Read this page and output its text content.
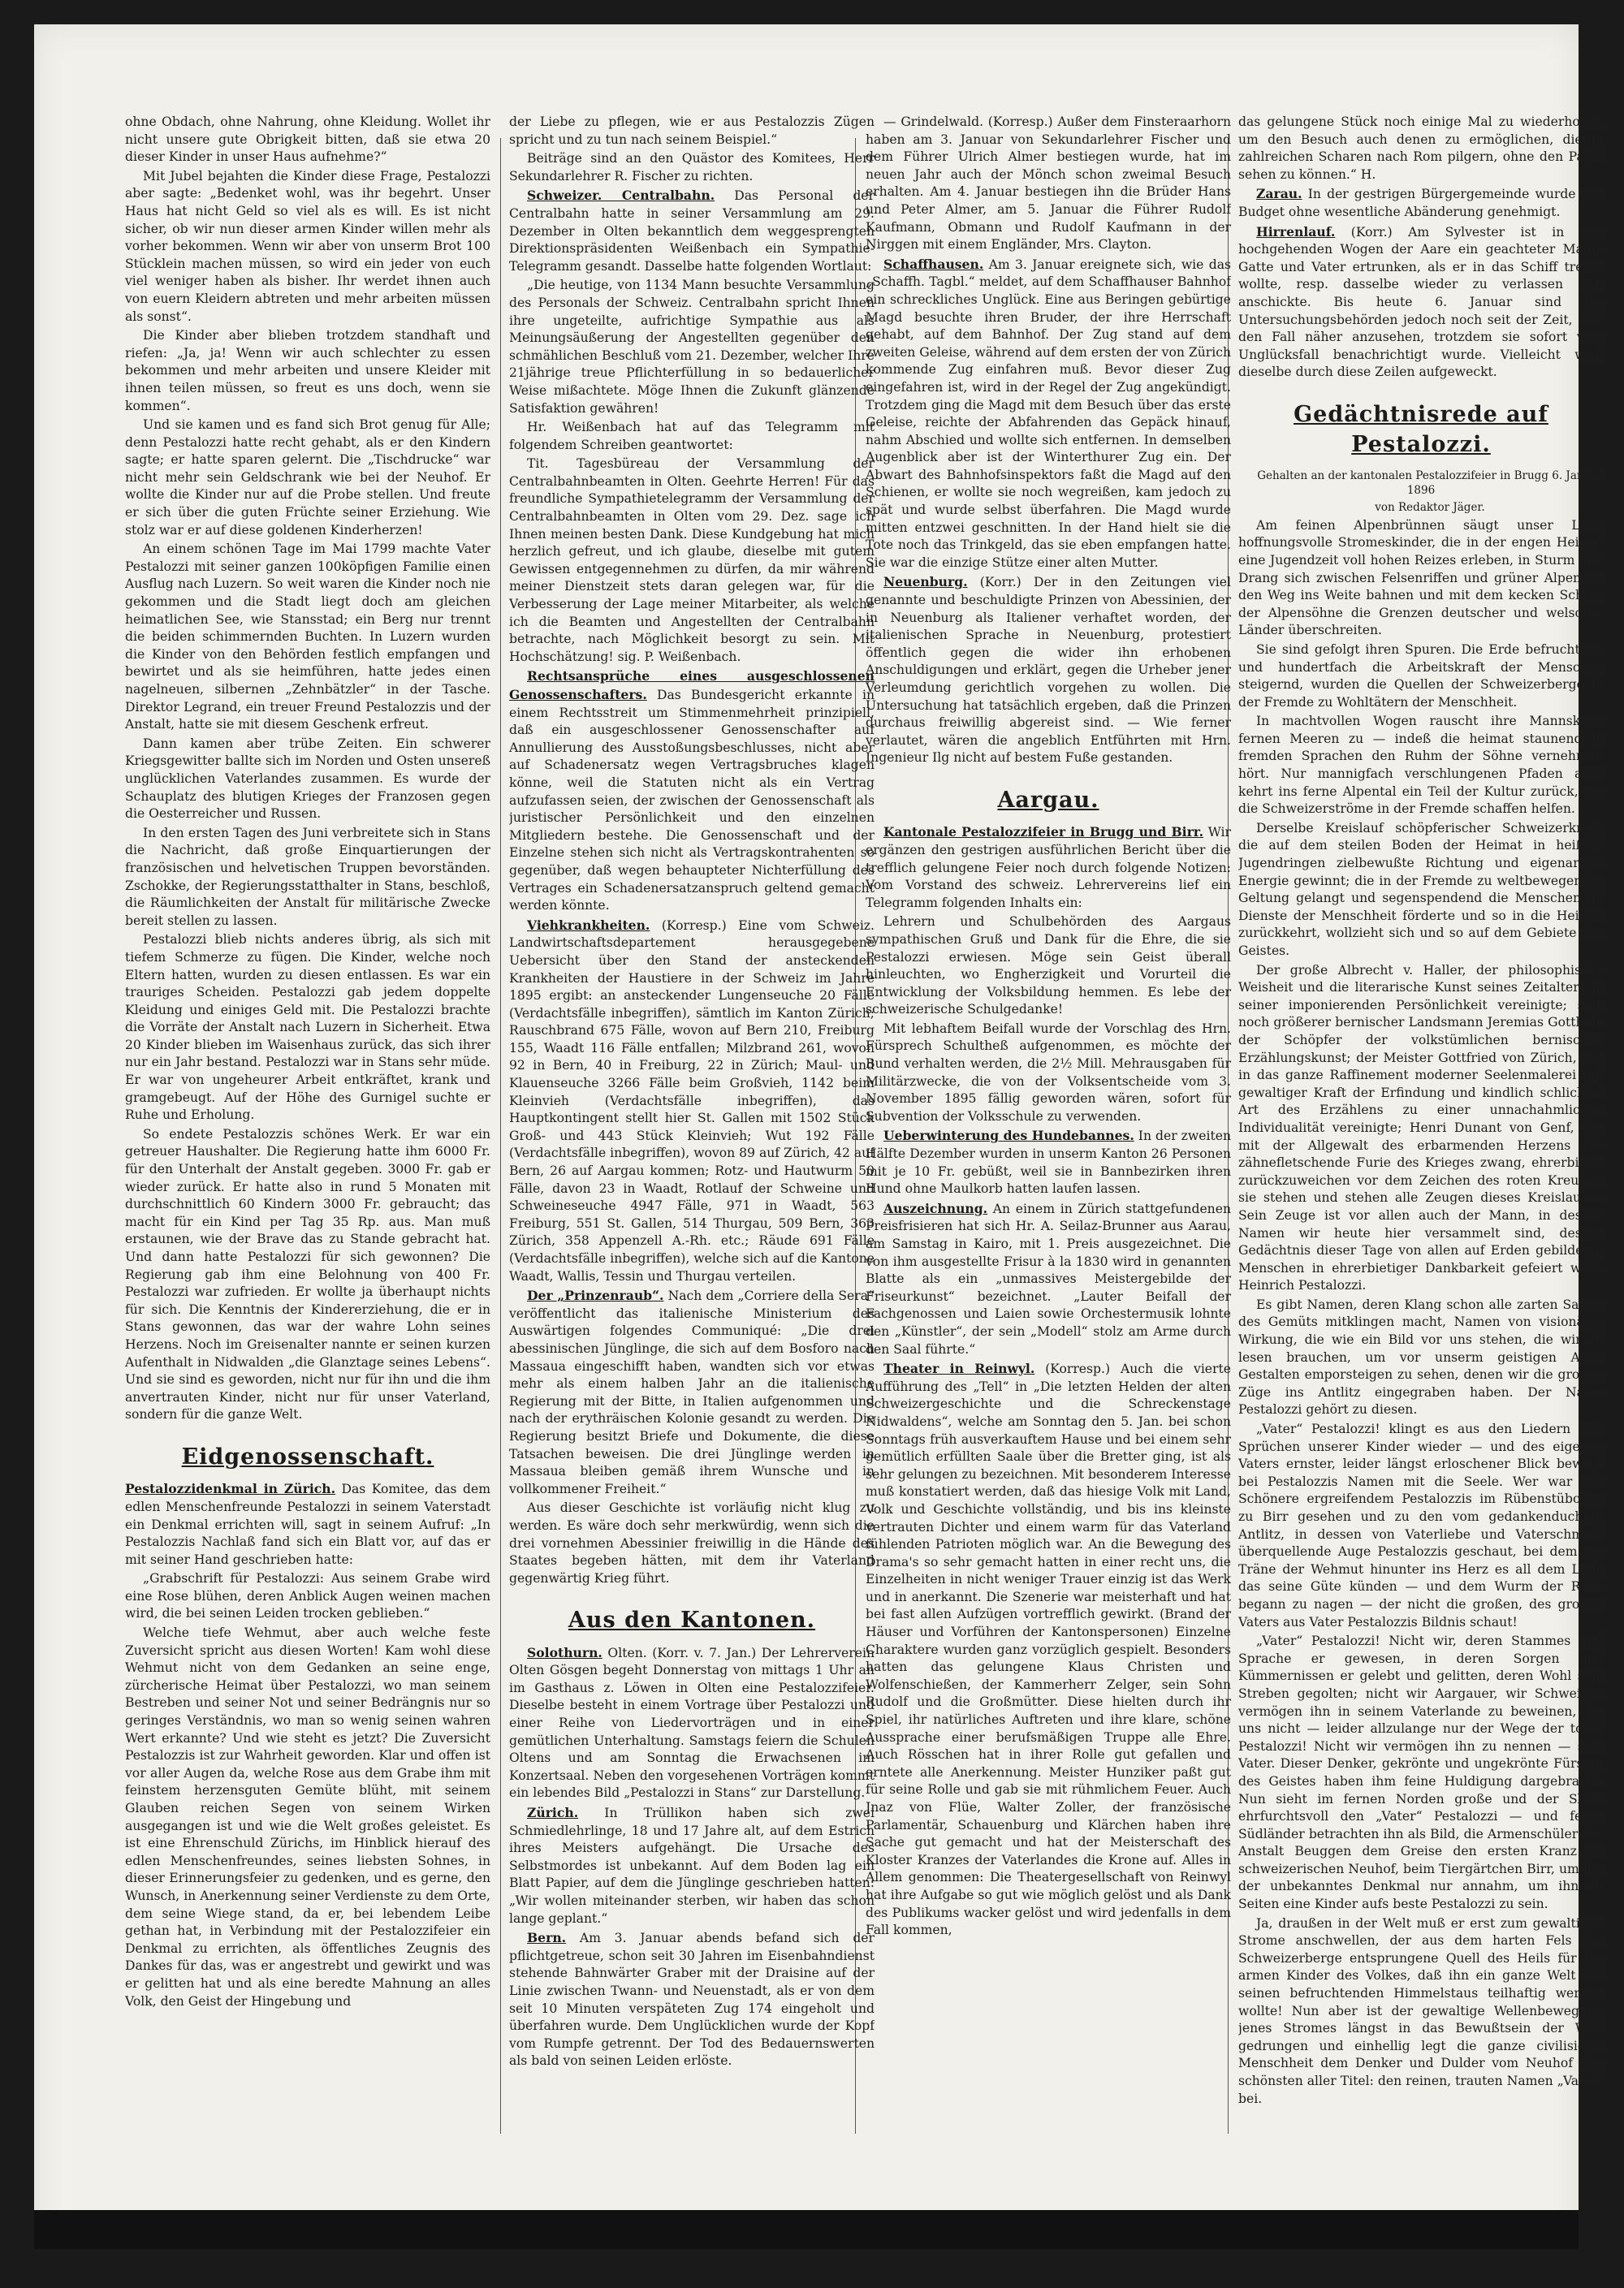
ohne Obdach, ohne Nahrung, ohne Kleidung. Wollet ihr nicht unsere gute Obrigkeit bitten, daß sie etwa 20 dieser Kinder in unser Haus aufnehme?“

Mit Jubel bejahten die Kinder diese Frage, Pestalozzi aber sagte: „Bedenket wohl, was ihr begehrt. Unser Haus hat nicht Geld so viel als es will. Es ist nicht sicher, ob wir nun dieser armen Kinder willen mehr als vorher bekommen. Wenn wir aber von unserm Brot 100 Stücklein machen müssen, so wird ein jeder von euch viel weniger haben als bisher. Ihr werdet ihnen auch von euern Kleidern abtreten und mehr arbeiten müssen als sonst“.

Die Kinder aber blieben trotzdem standhaft und riefen: „Ja, ja! Wenn wir auch schlechter zu essen bekommen und mehr arbeiten und unsere Kleider mit ihnen teilen müssen, so freut es uns doch, wenn sie kommen“.

Und sie kamen und es fand sich Brot genug für Alle; denn Pestalozzi hatte recht gehabt, als er den Kindern sagte; er hatte sparen gelernt. Die „Tischdrucke“ war nicht mehr sein Geldschrank wie bei der Neuhof. Er wollte die Kinder nur auf die Probe stellen. Und freute er sich über die guten Früchte seiner Erziehung. Wie stolz war er auf diese goldenen Kinderherzen!

An einem schönen Tage im Mai 1799 machte Vater Pestalozzi mit seiner ganzen 100köpfigen Familie einen Ausflug nach Luzern. So weit waren die Kinder noch nie gekommen und die Stadt liegt doch am gleichen heimatlichen See, wie Stansstad; ein Berg nur trennt die beiden schimmernden Buchten. In Luzern wurden die Kinder von den Behörden festlich empfangen und bewirtet und als sie heimführen, hatte jedes einen nagelneuen, silbernen „Zehnbätzler“ in der Tasche. Direktor Legrand, ein treuer Freund Pestalozzis und der Anstalt, hatte sie mit diesem Geschenk erfreut.

Dann kamen aber trübe Zeiten. Ein schwerer Kriegsgewitter ballte sich im Norden und Osten unsereß unglücklichen Vaterlandes zusammen. Es wurde der Schauplatz des blutigen Krieges der Franzosen gegen die Oesterreicher und Russen.

In den ersten Tagen des Juni verbreitete sich in Stans die Nachricht, daß große Einquartierungen der französischen und helvetischen Truppen bevorständen. Zschokke, der Regierungsstatthalter in Stans, beschloß, die Räumlichkeiten der Anstalt für militärische Zwecke bereit stellen zu lassen.

Pestalozzi blieb nichts anderes übrig, als sich mit tiefem Schmerze zu fügen. Die Kinder, welche noch Eltern hatten, wurden zu diesen entlassen. Es war ein trauriges Scheiden. Pestalozzi gab jedem doppelte Kleidung und einiges Geld mit. Die Pestalozzi brachte die Vorräte der Anstalt nach Luzern in Sicherheit. Etwa 20 Kinder blieben im Waisenhaus zurück, das sich ihrer nur ein Jahr bestand. Pestalozzi war in Stans sehr müde. Er war von ungeheurer Arbeit entkräftet, krank und gramgebeugt. Auf der Höhe des Gurnigel suchte er Ruhe und Erholung.

So endete Pestalozzis schönes Werk. Er war ein getreuer Haushalter. Die Regierung hatte ihm 6000 Fr. für den Unterhalt der Anstalt gegeben. 3000 Fr. gab er wieder zurück. Er hatte also in rund 5 Monaten mit durchschnittlich 60 Kindern 3000 Fr. gebraucht; das macht für ein Kind per Tag 35 Rp. aus. Man muß erstaunen, wie der Brave das zu Stande gebracht hat. Und dann hatte Pestalozzi für sich gewonnen? Die Regierung gab ihm eine Belohnung von 400 Fr. Pestalozzi war zufrieden. Er wollte ja überhaupt nichts für sich. Die Kenntnis der Kindererziehung, die er in Stans gewonnen, das war der wahre Lohn seines Herzens. Noch im Greisenalter nannte er seinen kurzen Aufenthalt in Nidwalden „die Glanztage seines Lebens“. Und sie sind es geworden, nicht nur für ihn und die ihm anvertrauten Kinder, nicht nur für unser Vaterland, sondern für die ganze Welt.

Eidgenossenschaft.

Pestalozzidenkmal in Zürich. Das Komitee, das dem edlen Menschenfreunde Pestalozzi in seinem Vaterstadt ein Denkmal errichten will, sagt in seinem Aufruf: „In Pestalozzis Nachlaß fand sich ein Blatt vor, auf das er mit seiner Hand geschrieben hatte:

„Grabschrift für Pestalozzi: Aus seinem Grabe wird eine Rose blühen, deren Anblick Augen weinen machen wird, die bei seinen Leiden trocken geblieben.“

Welche tiefe Wehmut, aber auch welche feste Zuversicht spricht aus diesen Worten! Kam wohl diese Wehmut nicht von dem Gedanken an seine enge, zürcherische Heimat über Pestalozzi, wo man seinem Bestreben und seiner Not und seiner Bedrängnis nur so geringes Verständnis, wo man so wenig seinen wahren Wert erkannte? Und wie steht es jetzt? Die Zuversicht Pestalozzis ist zur Wahrheit geworden. Klar und offen ist vor aller Augen da, welche Rose aus dem Grabe ihm mit feinstem herzensguten Gemüte blüht, mit seinem Glauben reichen Segen von seinem Wirken ausgegangen ist und wie die Welt großes geleistet. Es ist eine Ehrenschuld Zürichs, im Hinblick hierauf des edlen Menschenfreundes, seines liebsten Sohnes, in dieser Erinnerungsfeier zu gedenken, und es gerne, den Wunsch, in Anerkennung seiner Verdienste zu dem Orte, dem seine Wiege stand, da er, bei lebendem Leibe gethan hat, in Verbindung mit der Pestalozzifeier ein Denkmal zu errichten, als öffentliches Zeugnis des Dankes für das, was er angestrebt und gewirkt und was er gelitten hat und als eine beredte Mahnung an alles Volk, den Geist der Hingebung und

der Liebe zu pflegen, wie er aus Pestalozzis Zügen spricht und zu tun nach seinem Beispiel.“

Beiträge sind an den Quästor des Komitees, Herr Sekundarlehrer R. Fischer zu richten.

Schweizer. Centralbahn. Das Personal der Centralbahn hatte in seiner Versammlung am 29. Dezember in Olten bekanntlich dem weggesprengten Direktionspräsidenten Weißenbach ein Sympathie-Telegramm gesandt. Dasselbe hatte folgenden Wortlaut:

„Die heutige, von 1134 Mann besuchte Versammlung des Personals der Schweiz. Centralbahn spricht Ihnen ihre ungeteilte, aufrichtige Sympathie aus als Meinungsäußerung der Angestellten gegenüber den schmählichen Beschluß vom 21. Dezember, welcher Ihre 21jährige treue Pflichterfüllung in so bedauerlicher Weise mißachtete. Möge Ihnen die Zukunft glänzende Satisfaktion gewähren!

Hr. Weißenbach hat auf das Telegramm mit folgendem Schreiben geantwortet:

Tit. Tagesbüreau der Versammlung der Centralbahnbeamten in Olten. Geehrte Herren! Für das freundliche Sympathietelegramm der Versammlung der Centralbahnbeamten in Olten vom 29. Dez. sage ich Ihnen meinen besten Dank. Diese Kundgebung hat mich herzlich gefreut, und ich glaube, dieselbe mit gutem Gewissen entgegennehmen zu dürfen, da mir während meiner Dienstzeit stets daran gelegen war, für die Verbesserung der Lage meiner Mitarbeiter, als welche ich die Beamten und Angestellten der Centralbahn betrachte, nach Möglichkeit besorgt zu sein. Mit Hochschätzung! sig. P. Weißenbach.

Rechtsansprüche eines ausgeschlossenen Genossenschafters. Das Bundesgericht erkannte in einem Rechtsstreit um Stimmenmehrheit prinzipiell, daß ein ausgeschlossener Genossenschafter auf Annullierung des Ausstoßungsbeschlusses, nicht aber auf Schadenersatz wegen Vertragsbruches klagen könne, weil die Statuten nicht als ein Vertrag aufzufassen seien, der zwischen der Genossenschaft als juristischer Persönlichkeit und den einzelnen Mitgliedern bestehe. Die Genossenschaft und der Einzelne stehen sich nicht als Vertragskontrahenten so gegenüber, daß wegen behaupteter Nichterfüllung des Vertrages ein Schadenersatzanspruch geltend gemacht werden könnte.

Viehkrankheiten. (Korresp.) Eine vom Schweiz. Landwirtschaftsdepartement herausgegebene Uebersicht über den Stand der ansteckenden Krankheiten der Haustiere in der Schweiz im Jahre 1895 ergibt: an ansteckender Lungenseuche 20 Fälle (Verdachtsfälle inbegriffen), sämtlich im Kanton Zürich; Rauschbrand 675 Fälle, wovon auf Bern 210, Freiburg 155, Waadt 116 Fälle entfallen; Milzbrand 261, wovon 92 in Bern, 40 in Freiburg, 22 in Zürich; Maul- und Klauenseuche 3266 Fälle beim Großvieh, 1142 beim Kleinvieh (Verdachtsfälle inbegriffen), das Hauptkontingent stellt hier St. Gallen mit 1502 Stück Groß- und 443 Stück Kleinvieh; Wut 192 Fälle (Verdachtsfälle inbegriffen), wovon 89 auf Zürich, 42 auf Bern, 26 auf Aargau kommen; Rotz- und Hautwurm 50 Fälle, davon 23 in Waadt, Rotlauf der Schweine und Schweineseuche 4947 Fälle, 971 in Waadt, 563 Freiburg, 551 St. Gallen, 514 Thurgau, 509 Bern, 363 Zürich, 358 Appenzell A.-Rh. etc.; Räude 691 Fälle (Verdachtsfälle inbegriffen), welche sich auf die Kantone Waadt, Wallis, Tessin und Thurgau verteilen.

Der „Prinzenraub“. Nach dem „Corriere della Sera“ veröffentlicht das italienische Ministerium des Auswärtigen folgendes Communiqué: „Die drei abessinischen Jünglinge, die sich auf dem Bosforo nach Massaua eingeschifft haben, wandten sich vor etwas mehr als einem halben Jahr an die italienische Regierung mit der Bitte, in Italien aufgenommen und nach der erythräischen Kolonie gesandt zu werden. Die Regierung besitzt Briefe und Dokumente, die diese Tatsachen beweisen. Die drei Jünglinge werden in Massaua bleiben gemäß ihrem Wunsche und in vollkommener Freiheit.“

Aus dieser Geschichte ist vorläufig nicht klug zu werden. Es wäre doch sehr merkwürdig, wenn sich die drei vornehmen Abessinier freiwillig in die Hände des Staates begeben hätten, mit dem ihr Vaterland gegenwärtig Krieg führt.

Aus den Kantonen.

Solothurn. Olten. (Korr. v. 7. Jan.) Der Lehrerverein Olten Gösgen begeht Donnerstag von mittags 1 Uhr an im Gasthaus z. Löwen in Olten eine Pestalozzifeier. Dieselbe besteht in einem Vortrage über Pestalozzi und einer Reihe von Liedervorträgen und in einer gemütlichen Unterhaltung. Samstags feiern die Schulen Oltens und am Sonntag die Erwachsenen im Konzertsaal. Neben den vorgesehenen Vorträgen kommt ein lebendes Bild „Pestalozzi in Stans“ zur Darstellung.

Zürich. In Trüllikon haben sich zwei Schmiedlehrlinge, 18 und 17 Jahre alt, auf dem Estrich ihres Meisters aufgehängt. Die Ursache des Selbstmordes ist unbekannt. Auf dem Boden lag ein Blatt Papier, auf dem die Jünglinge geschrieben hatten: „Wir wollen miteinander sterben, wir haben das schon lange geplant.“

Bern. Am 3. Januar abends befand sich der pflichtgetreue, schon seit 30 Jahren im Eisenbahndienst stehende Bahnwärter Graber mit der Draisine auf der Linie zwischen Twann- und Neuenstadt, als er von dem seit 10 Minuten verspäteten Zug 174 eingeholt und überfahren wurde. Dem Unglücklichen wurde der Kopf vom Rumpfe getrennt. Der Tod des Bedauernswerten als bald von seinen Leiden erlöste.

— Grindelwald. (Korresp.) Außer dem Finsteraarhorn haben am 3. Januar von Sekundarlehrer Fischer und dem Führer Ulrich Almer bestiegen wurde, hat im neuen Jahr auch der Mönch schon zweimal Besuch erhalten. Am 4. Januar bestiegen ihn die Brüder Hans und Peter Almer, am 5. Januar die Führer Rudolf Kaufmann, Obmann und Rudolf Kaufmann in der Nirggen mit einem Engländer, Mrs. Clayton.

Schaffhausen. Am 3. Januar ereignete sich, wie das „Schaffh. Tagbl.“ meldet, auf dem Schaffhauser Bahnhof ein schreckliches Unglück. Eine aus Beringen gebürtige Magd besuchte ihren Bruder, der ihre Herrschaft gehabt, auf dem Bahnhof. Der Zug stand auf dem zweiten Geleise, während auf dem ersten der von Zürich kommende Zug einfahren muß. Bevor dieser Zug eingefahren ist, wird in der Regel der Zug angekündigt. Trotzdem ging die Magd mit dem Besuch über das erste Geleise, reichte der Abfahrenden das Gepäck hinauf, nahm Abschied und wollte sich entfernen. In demselben Augenblick aber ist der Winterthurer Zug ein. Der Abwart des Bahnhofsinspektors faßt die Magd auf den Schienen, er wollte sie noch wegreißen, kam jedoch zu spät und wurde selbst überfahren. Die Magd wurde mitten entzwei geschnitten. In der Hand hielt sie die Tote noch das Trinkgeld, das sie eben empfangen hatte. Sie war die einzige Stütze einer alten Mutter.

Neuenburg. (Korr.) Der in den Zeitungen viel genannte und beschuldigte Prinzen von Abessinien, der in Neuenburg als Italiener verhaftet worden, der italienischen Sprache in Neuenburg, protestiert öffentlich gegen die wider ihn erhobenen Anschuldigungen und erklärt, gegen die Urheber jener Verleumdung gerichtlich vorgehen zu wollen. Die Untersuchung hat tatsächlich ergeben, daß die Prinzen durchaus freiwillig abgereist sind. — Wie ferner verlautet, wären die angeblich Entführten mit Hrn. Ingenieur Ilg nicht auf bestem Fuße gestanden.

Aargau.

Kantonale Pestalozzifeier in Brugg und Birr. Wir ergänzen den gestrigen ausführlichen Bericht über die trefflich gelungene Feier noch durch folgende Notizen: Vom Vorstand des schweiz. Lehrervereins lief ein Telegramm folgenden Inhalts ein:

Lehrern und Schulbehörden des Aargaus sympathischen Gruß und Dank für die Ehre, die sie Pestalozzi erwiesen. Möge sein Geist überall hinleuchten, wo Engherzigkeit und Vorurteil die Entwicklung der Volksbildung hemmen. Es lebe der schweizerische Schulgedanke!

Mit lebhaftem Beifall wurde der Vorschlag des Hrn. Fürsprech Schultheß aufgenommen, es möchte der Bund verhalten werden, die 2½ Mill. Mehrausgaben für Militärzwecke, die von der Volksentscheide vom 3. November 1895 fällig geworden wären, sofort für Subvention der Volksschule zu verwenden.

Ueberwinterung des Hundebannes. In der zweiten Hälfte Dezember wurden in unserm Kanton 26 Personen mit je 10 Fr. gebüßt, weil sie in Bannbezirken ihren Hund ohne Maulkorb hatten laufen lassen.

Auszeichnung. An einem in Zürich stattgefundenen Preisfrisieren hat sich Hr. A. Seilaz-Brunner aus Aarau, am Samstag in Kairo, mit 1. Preis ausgezeichnet. Die von ihm ausgestellte Frisur à la 1830 wird in genannten Blatte als ein „unmassives Meistergebilde der Friseurkunst“ bezeichnet. „Lauter Beifall der Fachgenossen und Laien sowie Orchestermusik lohnte den „Künstler“, der sein „Modell“ stolz am Arme durch den Saal führte.“

Theater in Reinwyl. (Korresp.) Auch die vierte Aufführung des „Tell“ in „Die letzten Helden der alten Schweizergeschichte und die Schreckenstage Nidwaldens“, welche am Sonntag den 5. Jan. bei schon Sonntags früh ausverkauftem Hause und bei einem sehr gemütlich erfüllten Saale über die Bretter ging, ist als sehr gelungen zu bezeichnen. Mit besonderem Interesse muß konstatiert werden, daß das hiesige Volk mit Land, Volk und Geschichte vollständig, und bis ins kleinste vertrauten Dichter und einem warm für das Vaterland fühlenden Patrioten möglich war. An die Bewegung des Drama's so sehr gemacht hatten in einer recht uns, die Einzelheiten in nicht weniger Trauer einzig ist das Werk und in anerkannt. Die Szenerie war meisterhaft und hat bei fast allen Aufzügen vortrefflich gewirkt. (Brand der Häuser und Vorführen der Kantonspersonen) Einzelne Charaktere wurden ganz vorzüglich gespielt. Besonders hatten das gelungene Klaus Christen und Wolfenschießen, der Kammerherr Zelger, sein Sohn Rudolf und die Großmütter. Diese hielten durch ihr Spiel, ihr natürliches Auftreten und ihre klare, schöne Aussprache einer berufsmäßigen Truppe alle Ehre. Auch Rösschen hat in ihrer Rolle gut gefallen und erntete alle Anerkennung. Meister Hunziker paßt gut für seine Rolle und gab sie mit rühmlichem Feuer. Auch Jnaz von Flüe, Walter Zoller, der französische Parlamentär, Schauenburg und Klärchen haben ihre Sache gut gemacht und hat der Meisterschaft des Kloster Kranzes der Vaterlandes die Krone auf. Alles in Allem genommen: Die Theatergesellschaft von Reinwyl hat ihre Aufgabe so gut wie möglich gelöst und als Dank des Publikums wacker gelöst und wird jedenfalls in dem Fall kommen,

das gelungene Stück noch einige Mal zu wiederholen, um den Besuch auch denen zu ermöglichen, die in zahlreichen Scharen nach Rom pilgern, ohne den Papst sehen zu können.“ H.

Zarau. In der gestrigen Bürgergemeinde wurde das Budget ohne wesentliche Abänderung genehmigt.

Hirrenlauf. (Korr.) Am Sylvester ist in den hochgehenden Wogen der Aare ein geachteter Mann, Gatte und Vater ertrunken, als er in das Schiff treten wollte, resp. dasselbe wieder zu verlassen sich anschickte. Bis heute 6. Januar sind die Untersuchungsbehörden jedoch noch seit der Zeit, sich den Fall näher anzusehen, trotzdem sie sofort vom Unglücksfall benachrichtigt wurde. Vielleicht wird dieselbe durch diese Zeilen aufgeweckt.

Gedächtnisrede auf Pestalozzi.

Gehalten an der kantonalen Pestalozzifeier in Brugg 6. Januar 1896

von Redaktor Jäger.

Am feinen Alpenbrünnen säugt unser Land hoffnungsvolle Stromeskinder, die in der engen Heimat eine Jugendzeit voll hohen Reizes erleben, in Sturm und Drang sich zwischen Felsenriffen und grüner Alpenflur den Weg ins Weite bahnen und mit dem kecken Schritt der Alpensöhne die Grenzen deutscher und welscher Länder überschreiten.

Sie sind gefolgt ihren Spuren. Die Erde befruchtend und hundertfach die Arbeitskraft der Menschen steigernd, wurden die Quellen der Schweizerberge in der Fremde zu Wohltätern der Menschheit.

In machtvollen Wogen rauscht ihre Mannskraft fernen Meeren zu — indeß die heimat staunend in fremden Sprachen den Ruhm der Söhne vernehmen hört. Nur mannigfach verschlungenen Pfaden aber kehrt ins ferne Alpental ein Teil der Kultur zurück, die die Schweizerströme in der Fremde schaffen helfen.

Derselbe Kreislauf schöpferischer Schweizerkraft, die auf dem steilen Boden der Heimat in heißem Jugendringen zielbewußte Richtung und eigenartige Energie gewinnt; die in der Fremde zu weltbewegender Geltung gelangt und segenspendend die Menschen im Dienste der Menschheit förderte und so in die Heimat zurückkehrt, wollzieht sich und so auf dem Gebiete des Geistes.

Der große Albrecht v. Haller, der philosophische Weisheit und die literarische Kunst seines Zeitalters in seiner imponierenden Persönlichkeit vereinigte; sein noch größerer bernischer Landsmann Jeremias Gotthelf, der Schöpfer der volkstümlichen bernischen Erzählungskunst; der Meister Gottfried von Zürich, der in das ganze Raffinement moderner Seelenmalerei mit gewaltiger Kraft der Erfindung und kindlich schlichter Art des Erzählens zu einer unnachahmlichen Individualität vereinigte; Henri Dunant von Genf, der mit der Allgewalt des erbarmenden Herzens die zähnefletschende Furie des Krieges zwang, ehrerbietig zurückzuweichen vor dem Zeichen des roten Kreuzes: sie stehen und stehen alle Zeugen dieses Kreislaufes. Sein Zeuge ist vor allen auch der Mann, in dessen Namen wir heute hier versammelt sind, dessen Gedächtnis dieser Tage von allen auf Erden gebildeten Menschen in ehrerbietiger Dankbarkeit gefeiert wird: Heinrich Pestalozzi.

Es gibt Namen, deren Klang schon alle zarten Saiten des Gemüts mitklingen macht, Namen von visionärer Wirkung, die wie ein Bild vor uns stehen, die wir zu lesen brauchen, um vor unserm geistigen Auge Gestalten emporsteigen zu sehen, denen wir die großen Züge ins Antlitz eingegraben haben. Der Name Pestalozzi gehört zu diesen.

„Vater“ Pestalozzi! klingt es aus den Liedern und Sprüchen unserer Kinder wieder — und des eigenen Vaters ernster, leider längst erloschener Blick bewegt bei Pestalozzis Namen mit die Seele. Wer war der Schönere ergreifendem Pestalozzis im Rübenstübchen zu Birr gesehen und zu den vom gedankenduchten Antlitz, in dessen von Vaterliebe und Vaterschmerz überquellende Auge Pestalozzis geschaut, bei dem die Träne der Wehmut hinunter ins Herz es all dem Leib, das seine Güte künden — und dem Wurm der Reue begann zu nagen — der nicht die großen, des großen Vaters aus Vater Pestalozzis Bildnis schaut!

„Vater“ Pestalozzi! Nicht wir, deren Stammes und Sprache er gewesen, in deren Sorgen und Kümmernissen er gelebt und gelitten, deren Wohl sein Streben gegolten; nicht wir Aargauer, wir Schweizer, vermögen ihn in seinem Vaterlande zu beweinen, bei uns nicht — leider allzulange nur der Wege der toten Pestalozzi! Nicht wir vermögen ihn zu nennen — sein Vater. Dieser Denker, gekrönte und ungekrönte Fürsten des Geistes haben ihm feine Huldigung dargebracht. Nun sieht im fernen Norden große und der Slave ehrfurchtsvoll den „Vater“ Pestalozzi — und ferne Südländer betrachten ihn als Bild, die Armenschüler der Anstalt Beuggen dem Greise den ersten Kranz im schweizerischen Neuhof, beim Tiergärtchen Birr, um ihn der unbekanntes Denkmal nur annahm, um ihn zu Seiten eine Kinder aufs beste Pestalozzi zu sein.

Ja, draußen in der Welt muß er erst zum gewaltigen Strome anschwellen, der aus dem harten Fels der Schweizerberge entsprungene Quell des Heils für die armen Kinder des Volkes, daß ihn ein ganze Welt mit seinen befruchtenden Himmelstaus teilhaftig werden wollte! Nun aber ist der gewaltige Wellenbewegung jenes Stromes längst in das Bewußtsein der Welt gedrungen und einhellig legt die ganze civilisierte Menschheit dem Denker und Dulder vom Neuhof den schönsten aller Titel: den reinen, trauten Namen „Vater“ bei.
